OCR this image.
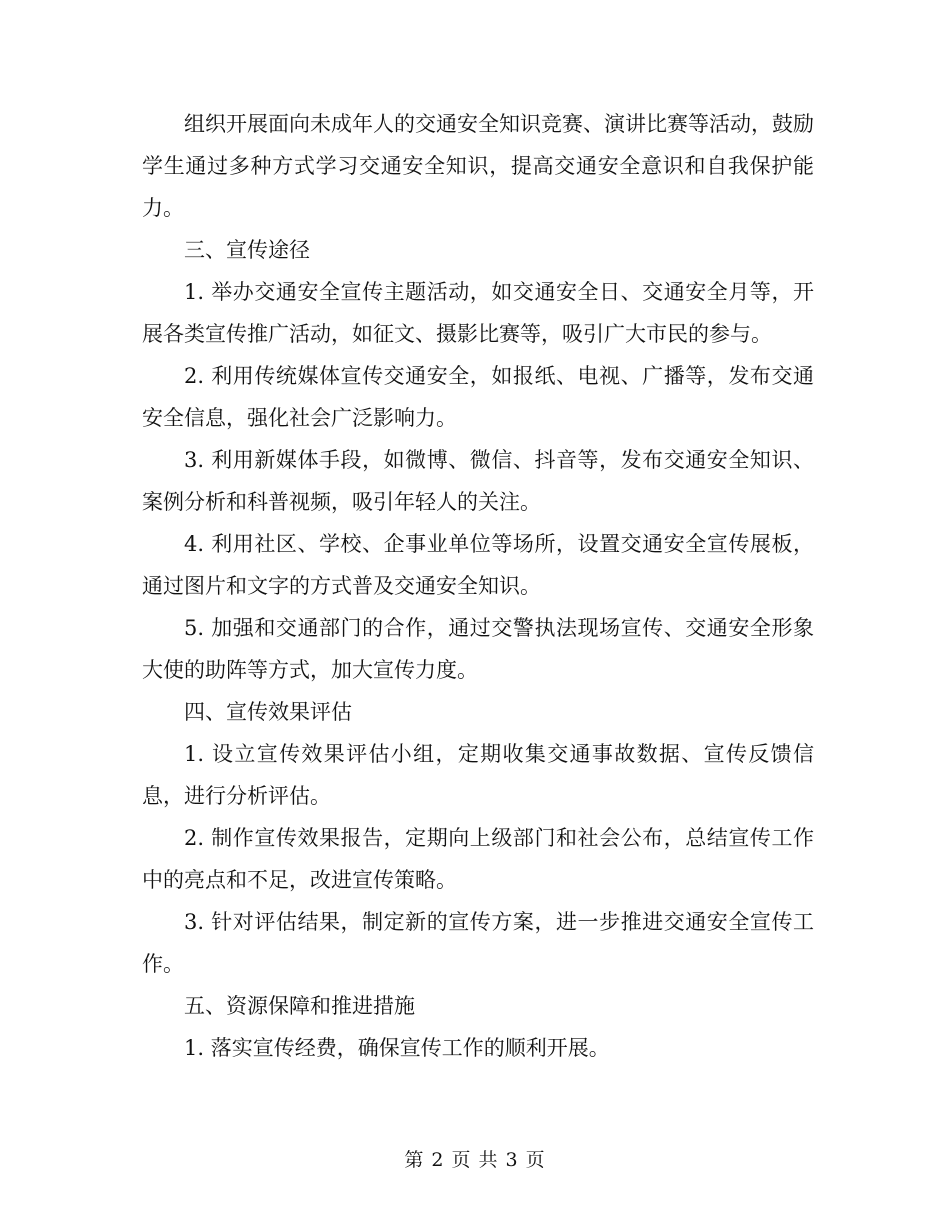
组织开展面向未成年人的交通安全知识竞赛、演讲比赛等活动，鼓励学生通过多种方式学习交通安全知识，提高交通安全意识和自我保护能力。

三、宣传途径

1. 举办交通安全宣传主题活动，如交通安全日、交通安全月等，开展各类宣传推广活动，如征文、摄影比赛等，吸引广大市民的参与。

2. 利用传统媒体宣传交通安全，如报纸、电视、广播等，发布交通安全信息，强化社会广泛影响力。

3. 利用新媒体手段，如微博、微信、抖音等，发布交通安全知识、案例分析和科普视频，吸引年轻人的关注。

4. 利用社区、学校、企事业单位等场所，设置交通安全宣传展板，通过图片和文字的方式普及交通安全知识。

5. 加强和交通部门的合作，通过交警执法现场宣传、交通安全形象大使的助阵等方式，加大宣传力度。

四、宣传效果评估

1. 设立宣传效果评估小组，定期收集交通事故数据、宣传反馈信息，进行分析评估。

2. 制作宣传效果报告，定期向上级部门和社会公布，总结宣传工作中的亮点和不足，改进宣传策略。

3. 针对评估结果，制定新的宣传方案，进一步推进交通安全宣传工作。

五、资源保障和推进措施

1. 落实宣传经费，确保宣传工作的顺利开展。

第 2 页 共 3 页
